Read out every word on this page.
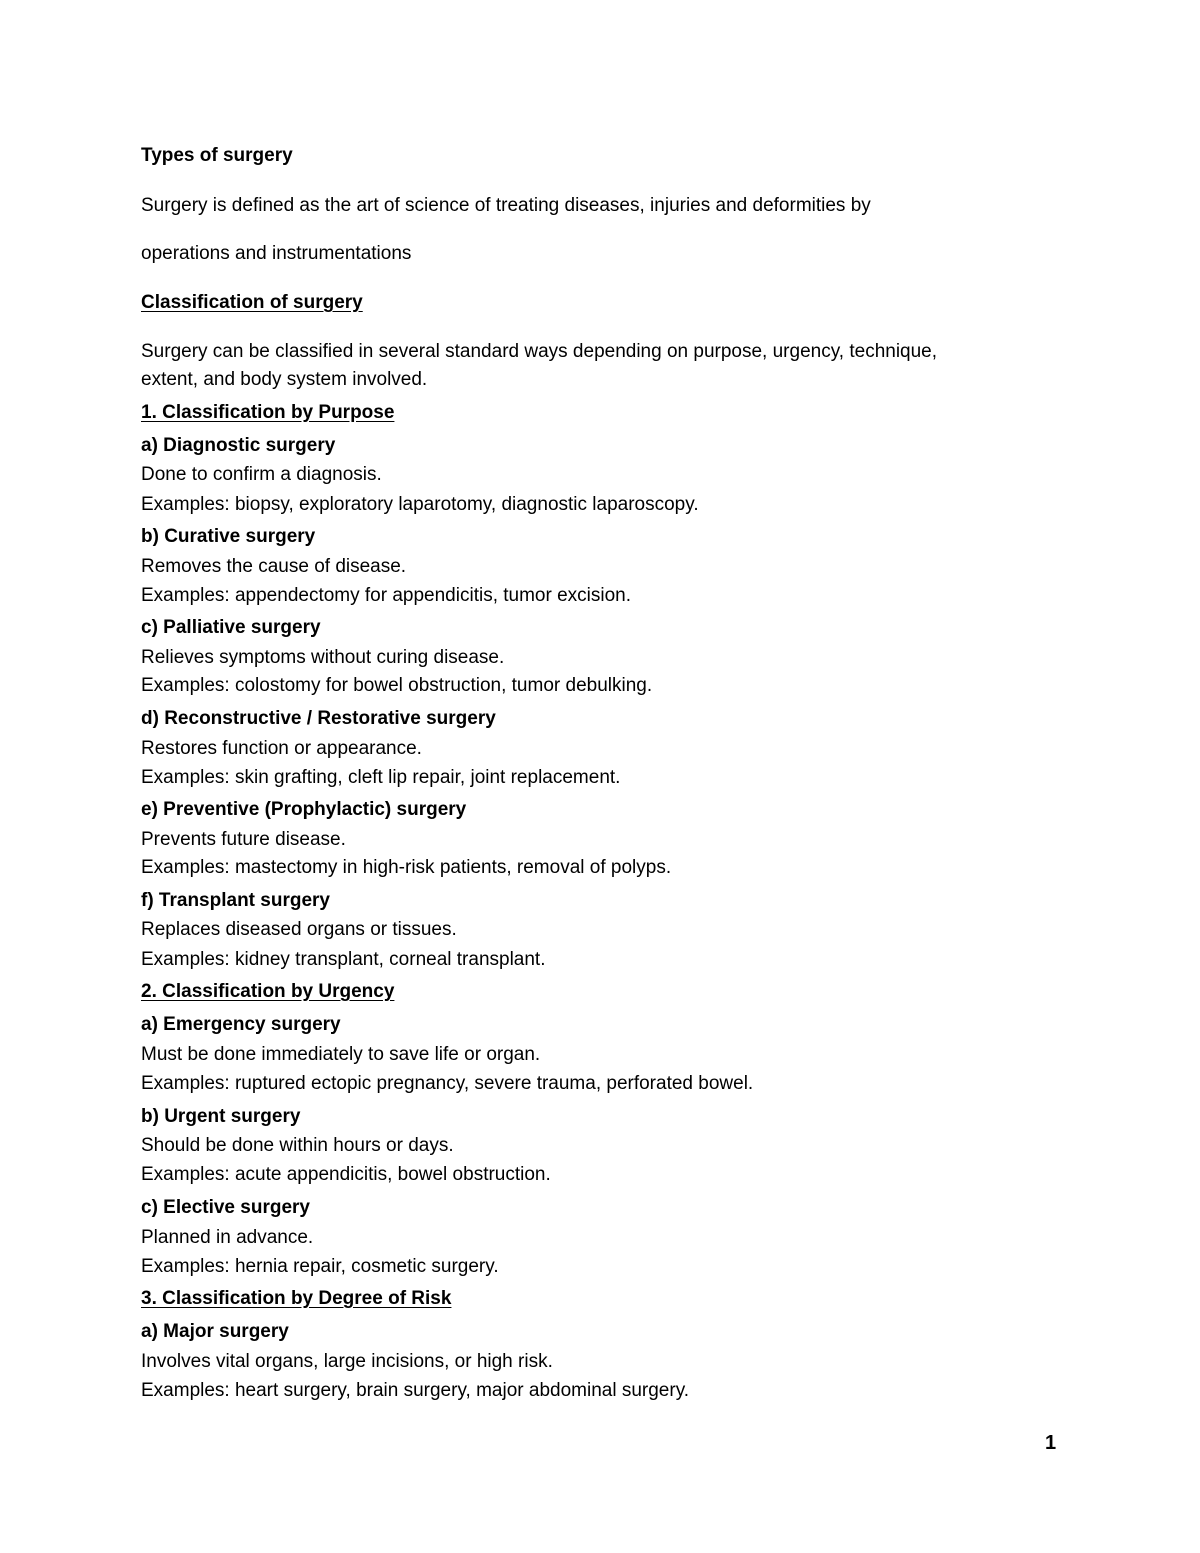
Types of surgery
Surgery is defined as the art of science of treating diseases, injuries and deformities by
operations and instrumentations
Classification of surgery
Surgery can be classified in several standard ways depending on purpose, urgency, technique,
extent, and body system involved.
1. Classification by Purpose
a) Diagnostic surgery
Done to confirm a diagnosis.
Examples: biopsy, exploratory laparotomy, diagnostic laparoscopy.
b) Curative surgery
Removes the cause of disease.
Examples: appendectomy for appendicitis, tumor excision.
c) Palliative surgery
Relieves symptoms without curing disease.
Examples: colostomy for bowel obstruction, tumor debulking.
d) Reconstructive / Restorative surgery
Restores function or appearance.
Examples: skin grafting, cleft lip repair, joint replacement.
e) Preventive (Prophylactic) surgery
Prevents future disease.
Examples: mastectomy in high-risk patients, removal of polyps.
f) Transplant surgery
Replaces diseased organs or tissues.
Examples: kidney transplant, corneal transplant.
2. Classification by Urgency
a) Emergency surgery
Must be done immediately to save life or organ.
Examples: ruptured ectopic pregnancy, severe trauma, perforated bowel.
b) Urgent surgery
Should be done within hours or days.
Examples: acute appendicitis, bowel obstruction.
c) Elective surgery
Planned in advance.
Examples: hernia repair, cosmetic surgery.
3. Classification by Degree of Risk
a) Major surgery
Involves vital organs, large incisions, or high risk.
Examples: heart surgery, brain surgery, major abdominal surgery.
1
